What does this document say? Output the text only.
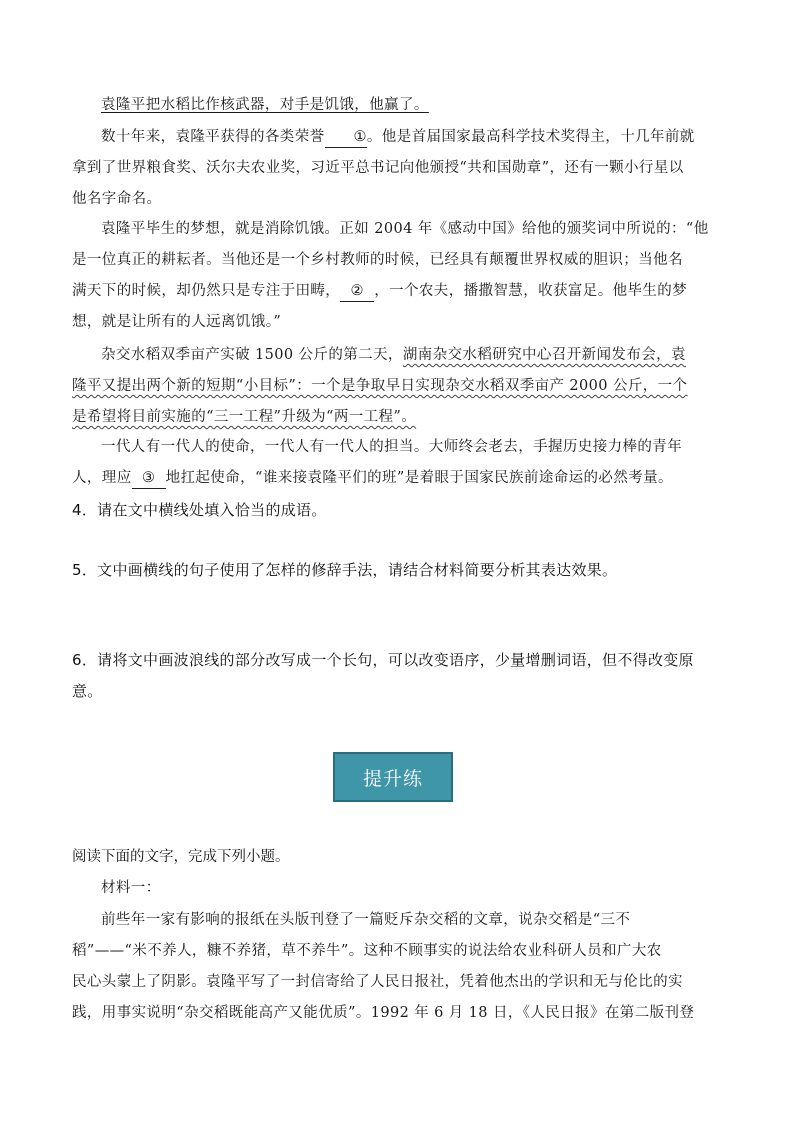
袁隆平把水稻比作核武器，对手是饥饿，他赢了。
数十年来，袁隆平获得的各类荣誉 ①。他是首届国家最高科学技术奖得主，十几年前就
拿到了世界粮食奖、沃尔夫农业奖，习近平总书记向他颁授“共和国勋章”，还有一颗小行星以
他名字命名。
袁隆平毕生的梦想，就是消除饥饿。正如 2004 年《感动中国》给他的颁奖词中所说的：“他
是一位真正的耕耘者。当他还是一个乡村教师的时候，已经具有颠覆世界权威的胆识；当他名
满天下的时候，却仍然只是专注于田畴， ② ，一个农夫，播撒智慧，收获富足。他毕生的梦
想，就是让所有的人远离饥饿。”
杂交水稻双季亩产实破 1500 公斤的第二天，湖南杂交水稻研究中心召开新闻发布会，袁
隆平又提出两个新的短期“小目标”：一个是争取早日实现杂交水稻双季亩产 2000 公斤，一个
是希望将目前实施的“三一工程”升级为“两一工程”。
一代人有一代人的使命，一代人有一代人的担当。大师终会老去，手握历史接力棒的青年
人，理应 ③ 地扛起使命，“谁来接袁隆平们的班”是着眼于国家民族前途命运的必然考量。
4．请在文中横线处填入恰当的成语。
5．文中画横线的句子使用了怎样的修辞手法，请结合材料简要分析其表达效果。
6．请将文中画波浪线的部分改写成一个长句，可以改变语序，少量增删词语，但不得改变原
意。
提升练
阅读下面的文字，完成下列小题。
材料一：
前些年一家有影响的报纸在头版刊登了一篇贬斥杂交稻的文章，说杂交稻是“三不
稻”——“米不养人，糠不养猪，草不养牛”。这种不顾事实的说法给农业科研人员和广大农
民心头蒙上了阴影。袁隆平写了一封信寄给了人民日报社，凭着他杰出的学识和无与伦比的实
践，用事实说明“杂交稻既能高产又能优质”。1992 年 6 月 18 日，《人民日报》在第二版刊登
